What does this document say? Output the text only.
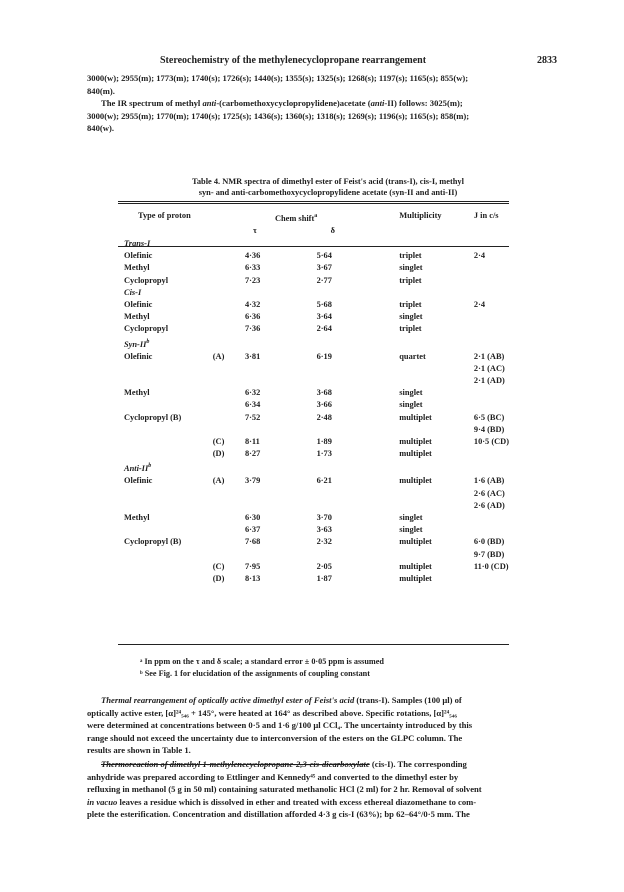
Stereochemistry of the methylenecyclopropane rearrangement	2833

3000(w); 2955(m); 1773(m); 1740(s); 1726(s); 1440(s); 1355(s); 1325(s); 1268(s); 1197(s); 1165(s); 855(w);

840(m).

The IR spectrum of methyl anti-(carbomethoxycyclopropylidene)acetate (anti-II) follows: 3025(m);

3000(w); 2955(m); 1770(m); 1740(s); 1725(s); 1436(s); 1360(s); 1318(s); 1269(s); 1196(s); 1165(s); 858(m);

840(w).

Table 4. NMR spectra of dimethyl ester of Feist's acid (trans-I), cis-I, methyl
syn- and anti-carbomethoxycyclopropylidene acetate (syn-II and anti-II)
Type of proton		Chem shift$^a$		Multiplicity	J in c/s
		τ	δ		
Trans-I					
Olefinic		4·36	5·64	triplet	2·4
Methyl		6·33	3·67	singlet	
Cyclopropyl		7·23	2·77	triplet	
Cis-I					
Olefinic		4·32	5·68	triplet	2·4
Methyl		6·36	3·64	singlet	
Cyclopropyl		7·36	2·64	triplet	
Syn-$II^b$
Olefinic	(A)	3·81	6·19	quartet	2·1 (AB)
					2·1 (AC)
					2·1 (AD)
Methyl		6·32	3·68	singlet	
		6·34	3·66	singlet	
Cyclopropyl (B)		7·52	2·48	multiplet	6·5 (BC)
					9·4 (BD)
	(C)	8·11	1·89	multiplet	10·5 (CD)
	(D)	8·27	1·73	multiplet	
Anti-$II^b$
Olefinic	(A)	3·79	6·21	multiplet	1·6 (AB)
					2·6 (AC)
					2·6 (AD)
Methyl		6·30	3·70	singlet	
		6·37	3·63	singlet	
Cyclopropyl (B)		7·68	2·32	multiplet	6·0 (BD)
					9·7 (BD)
	(C)	7·95	2·05	multiplet	11·0 (CD)
	(D)	8·13	1·87	multiplet	
ᵃ In ppm on the τ and δ scale; a standard error ± 0·05 ppm is assumed
ᵇ See Fig. 1 for elucidation of the assignments of coupling constant

Thermal rearrangement of optically active dimethyl ester of Feist's acid (trans-I). Samples (100 μl) of

optically active ester, [α]²⁴₅₄₆ + 145°, were heated at 164° as described above. Specific rotations, [α]²⁴₅₄₆

were determined at concentrations between 0·5 and 1·6 g/100 μl CCl₄. The uncertainty introduced by this

range should not exceed the uncertainty due to interconversion of the esters on the GLPC column. The

results are shown in Table 1.

Thermoreaction of dimethyl 1-methylenecyclopropane-2,3-cis-dicarboxylate (cis-I). The corresponding

anhydride was prepared according to Ettlinger and Kennedy⁴⁵ and converted to the dimethyl ester by

refluxing in methanol (5 g in 50 ml) containing saturated methanolic HCl (2 ml) for 2 hr. Removal of solvent

in vacuo leaves a residue which is dissolved in ether and treated with excess ethereal diazomethane to com-

plete the esterification. Concentration and distillation afforded 4·3 g cis-I (63%); bp 62–64°/0·5 mm. The
